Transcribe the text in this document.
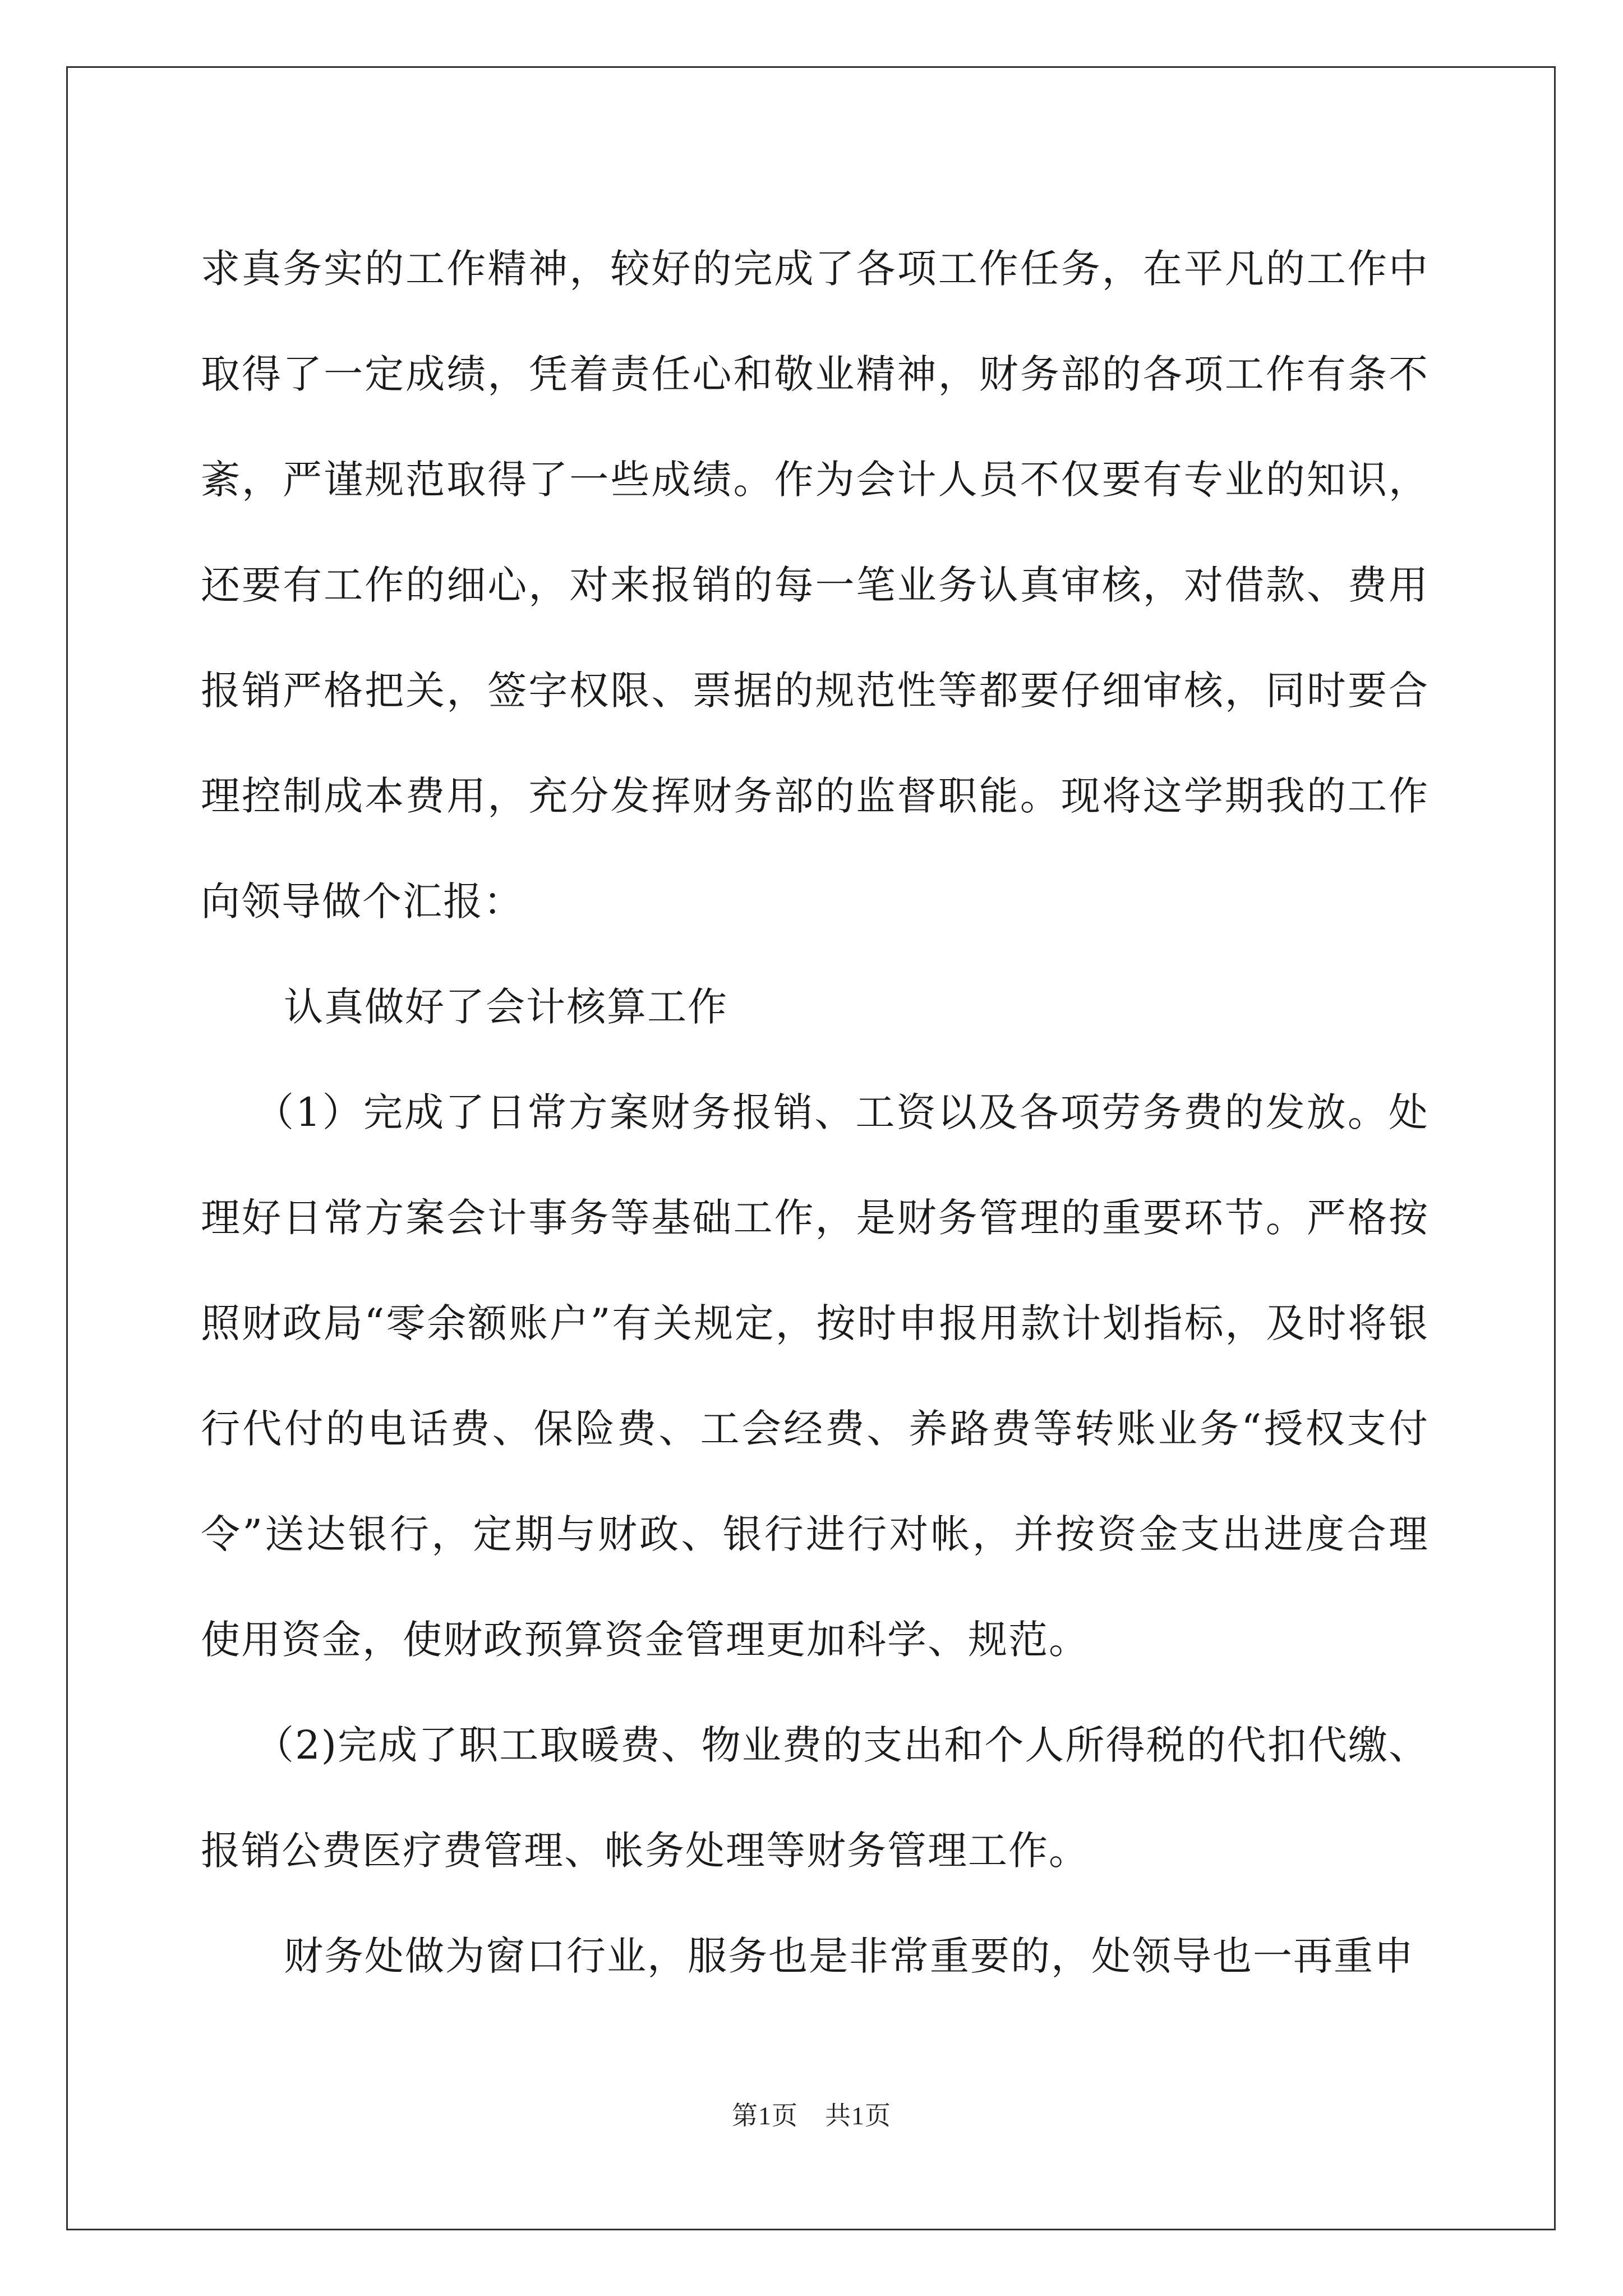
求真务实的工作精神，较好的完成了各项工作任务，在平凡的工作中取得了一定成绩，凭着责任心和敬业精神，财务部的各项工作有条不紊，严谨规范取得了一些成绩。作为会计人员不仅要有专业的知识，还要有工作的细心，对来报销的每一笔业务认真审核，对借款、费用报销严格把关，签字权限、票据的规范性等都要仔细审核，同时要合理控制成本费用，充分发挥财务部的监督职能。现将这学期我的工作向领导做个汇报：

认真做好了会计核算工作

（1）完成了日常方案财务报销、工资以及各项劳务费的发放。处理好日常方案会计事务等基础工作，是财务管理的重要环节。严格按照财政局“零余额账户”有关规定，按时申报用款计划指标，及时将银行代付的电话费、保险费、工会经费、养路费等转账业务“授权支付令”送达银行，定期与财政、银行进行对帐，并按资金支出进度合理使用资金，使财政预算资金管理更加科学、规范。

（2)完成了职工取暖费、物业费的支出和个人所得税的代扣代缴、报销公费医疗费管理、帐务处理等财务管理工作。

财务处做为窗口行业，服务也是非常重要的，处领导也一再重申

第1页 共1页
